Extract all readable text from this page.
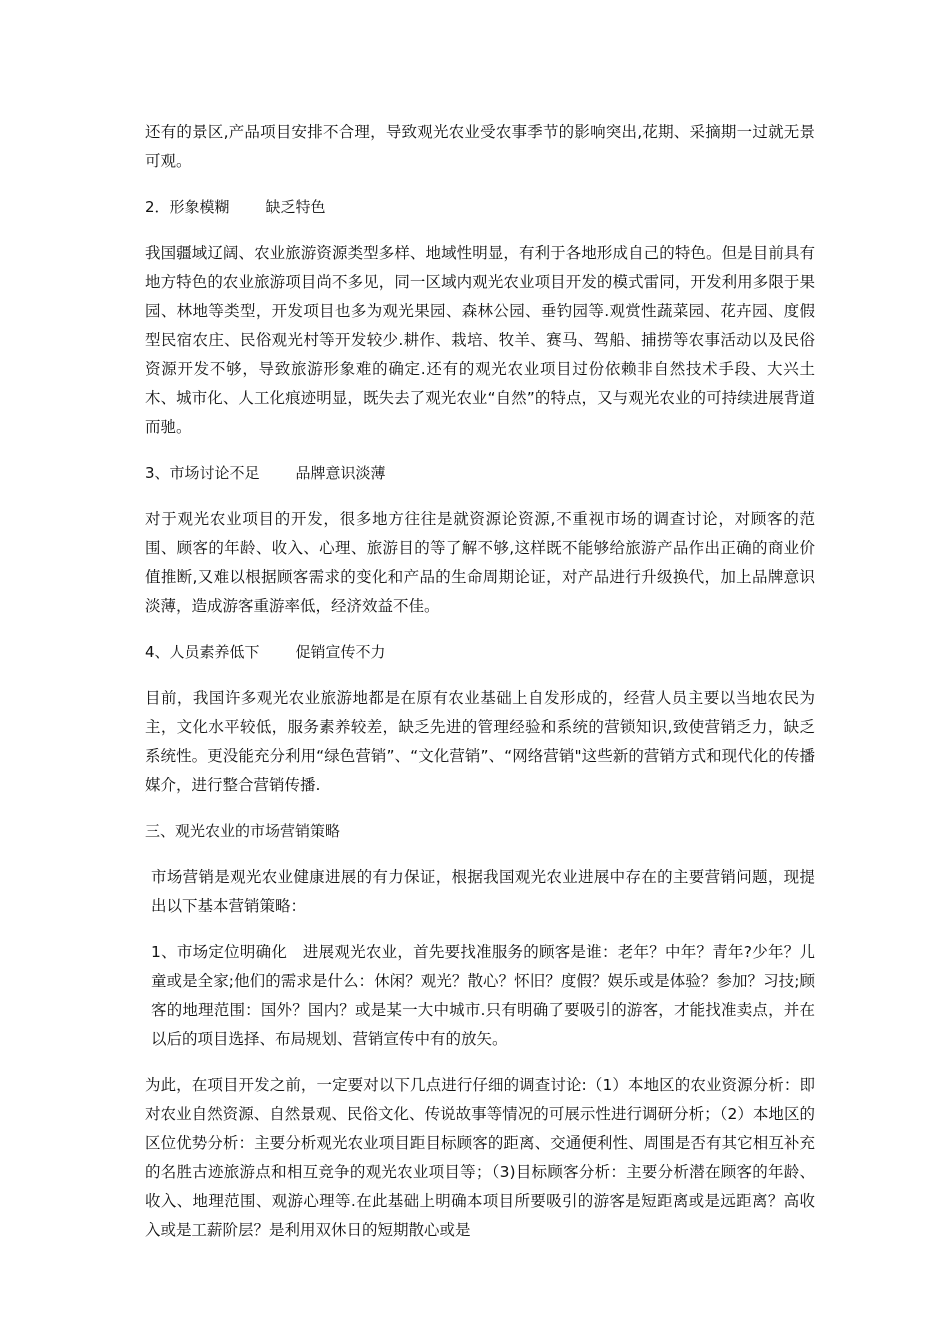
还有的景区,产品项目安排不合理，导致观光农业受农事季节的影响突出,花期、采摘期一过就无景可观。

2．形象模糊 缺乏特色

我国疆域辽阔、农业旅游资源类型多样、地域性明显，有利于各地形成自己的特色。但是目前具有地方特色的农业旅游项目尚不多见，同一区域内观光农业项目开发的模式雷同，开发利用多限于果园、林地等类型，开发项目也多为观光果园、森林公园、垂钓园等.观赏性蔬菜园、花卉园、度假型民宿农庄、民俗观光村等开发较少.耕作、栽培、牧羊、赛马、驾船、捕捞等农事活动以及民俗资源开发不够，导致旅游形象难的确定.还有的观光农业项目过份依赖非自然技术手段、大兴土木、城市化、人工化痕迹明显，既失去了观光农业“自然”的特点，又与观光农业的可持续进展背道而驰。

3、市场讨论不足 品牌意识淡薄

对于观光农业项目的开发，很多地方往往是就资源论资源,不重视市场的调查讨论，对顾客的范围、顾客的年龄、收入、心理、旅游目的等了解不够,这样既不能够给旅游产品作出正确的商业价值推断,又难以根据顾客需求的变化和产品的生命周期论证，对产品进行升级换代，加上品牌意识淡薄，造成游客重游率低，经济效益不佳。

4、人员素养低下 促销宣传不力

目前，我国许多观光农业旅游地都是在原有农业基础上自发形成的，经营人员主要以当地农民为主，文化水平较低，服务素养较差，缺乏先进的管理经验和系统的营锁知识,致使营销乏力，缺乏系统性。更没能充分利用“绿色营销”、“文化营销”、“网络营销"这些新的营销方式和现代化的传播媒介，进行整合营销传播.

三、观光农业的市场营销策略

市场营销是观光农业健康进展的有力保证，根据我国观光农业进展中存在的主要营销问题，现提出以下基本营销策略：

1、市场定位明确化　进展观光农业，首先要找准服务的顾客是谁：老年？中年？青年?少年？儿童或是全家;他们的需求是什么：休闲？观光？散心？怀旧？度假？娱乐或是体验？参加？习技;顾客的地理范围：国外？国内？或是某一大中城市.只有明确了要吸引的游客，才能找准卖点，并在以后的项目选择、布局规划、营销宣传中有的放矢。

为此，在项目开发之前，一定要对以下几点进行仔细的调查讨论:（1）本地区的农业资源分析：即对农业自然资源、自然景观、民俗文化、传说故事等情况的可展示性进行调研分析；（2）本地区的区位优势分析：主要分析观光农业项目距目标顾客的距离、交通便利性、周围是否有其它相互补充的名胜古迹旅游点和相互竞争的观光农业项目等；（3)目标顾客分析：主要分析潜在顾客的年龄、收入、地理范围、观游心理等.在此基础上明确本项目所要吸引的游客是短距离或是远距离？高收入或是工薪阶层？是利用双休日的短期散心或是
